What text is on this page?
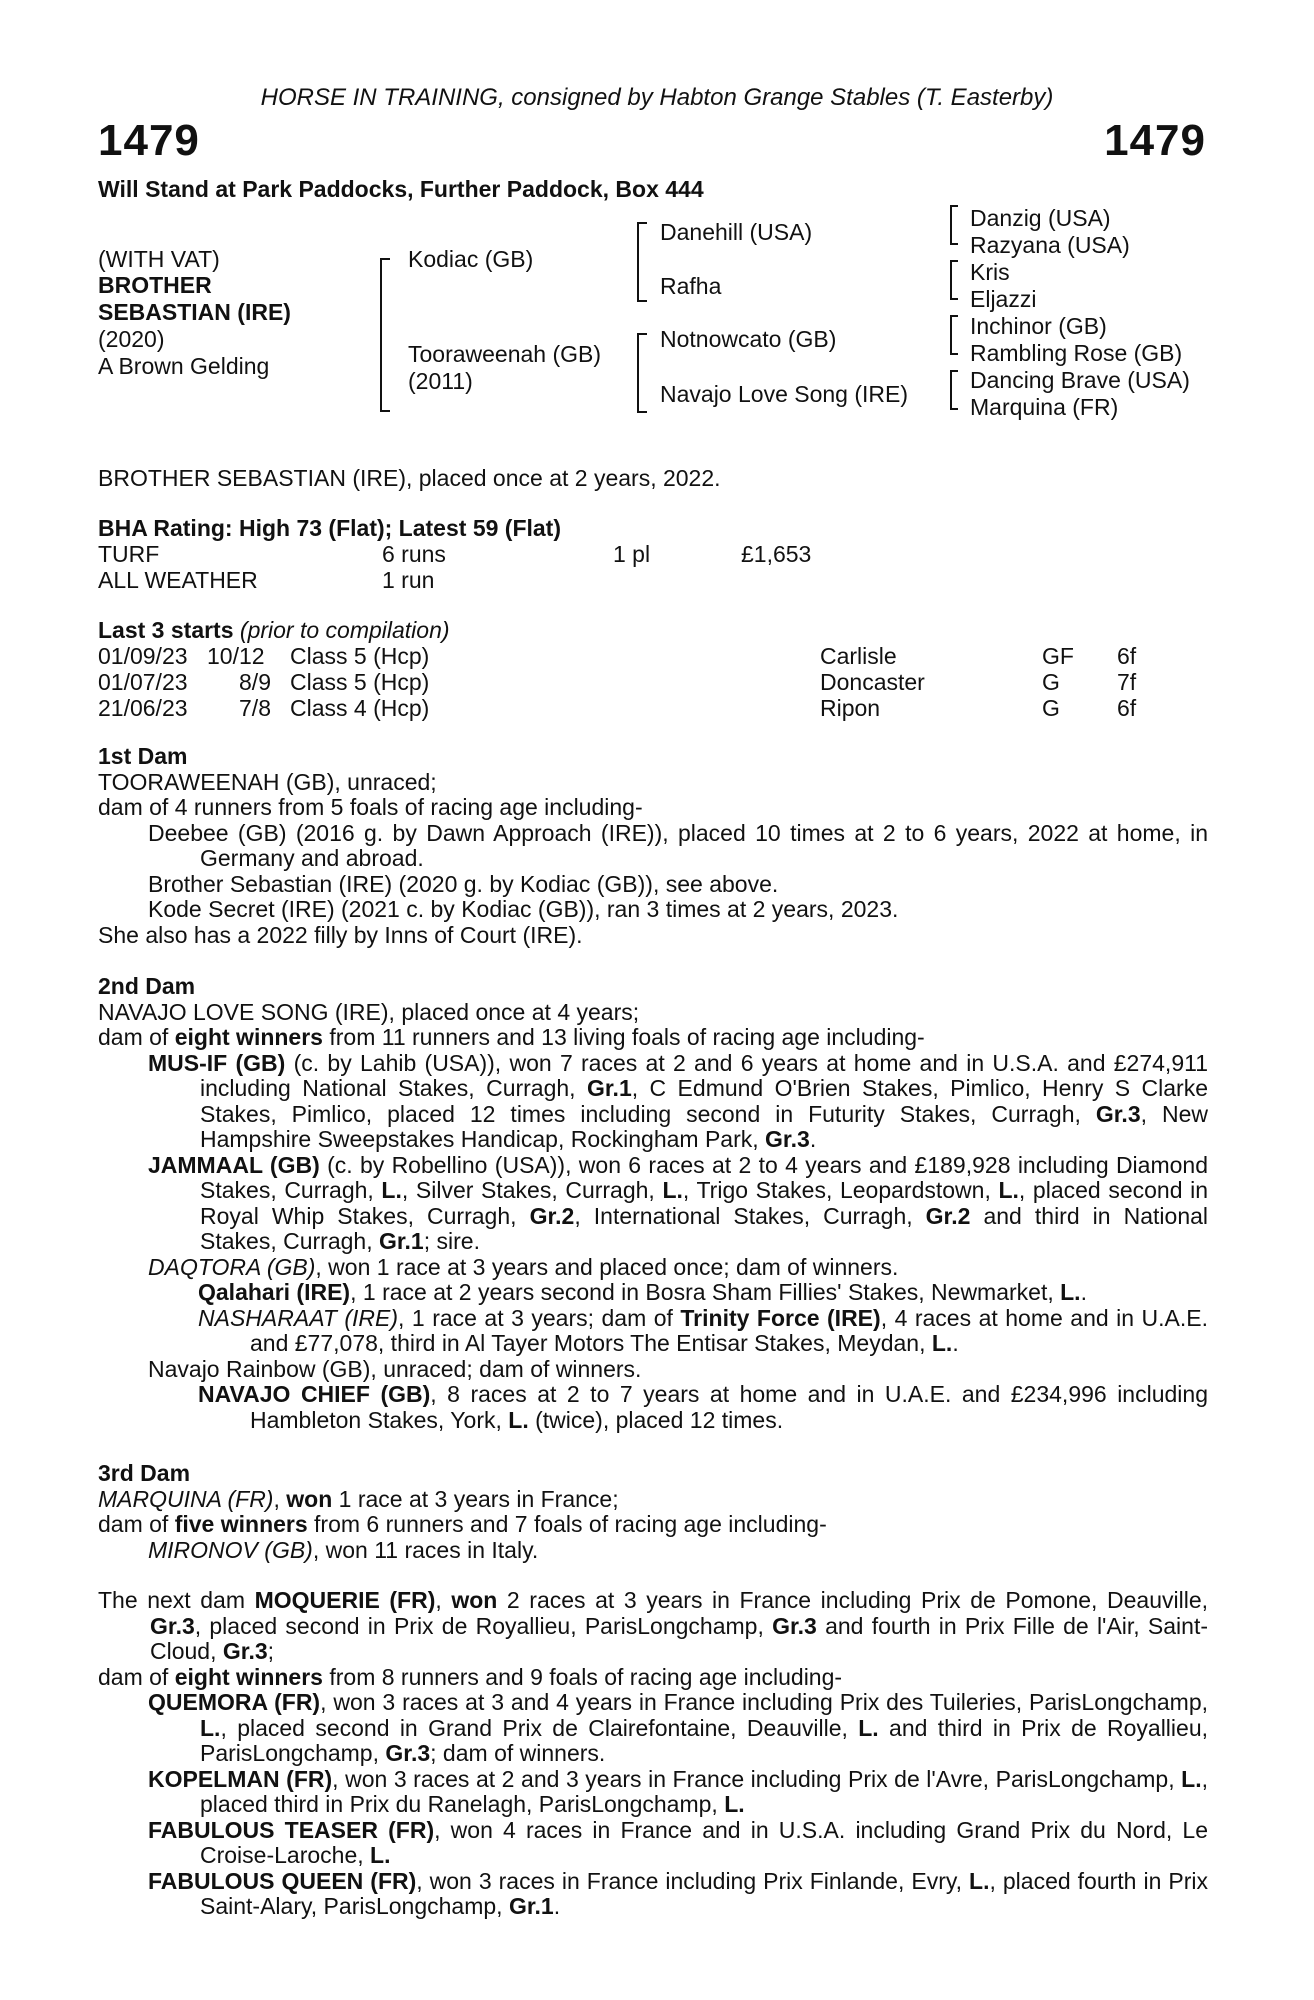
HORSE IN TRAINING, consigned by Habton Grange Stables (T. Easterby)
1479	1479
Will Stand at Park Paddocks, Further Paddock, Box 444
(WITH VAT)
BROTHER
SEBASTIAN (IRE)
(2020)
A Brown Gelding
Kodiac (GB)
Tooraweenah (GB)
(2011)
Danehill (USA)
Rafha
Notnowcato (GB)
Navajo Love Song (IRE)
Danzig (USA)
Razyana (USA)
Kris
Eljazzi
Inchinor (GB)
Rambling Rose (GB)
Dancing Brave (USA)
Marquina (FR)
BROTHER SEBASTIAN (IRE), placed once at 2 years, 2022.
BHA Rating: High 73 (Flat); Latest 59 (Flat)
TURF	6 runs	1 pl	£1,653
ALL WEATHER	1 run
Last 3 starts (prior to compilation)
01/09/23 10/12 Class 5 (Hcp)	Carlisle	GF 6f
01/07/23	8/9 Class 5 (Hcp)	Doncaster	G 7f
21/06/23	7/8 Class 4 (Hcp)	Ripon	G 6f

1st Dam

TOORAWEENAH (GB), unraced;

dam of 4 runners from 5 foals of racing age including-

Deebee (GB) (2016 g. by Dawn Approach (IRE)), placed 10 times at 2 to 6 years, 2022 at home, in Germany and abroad.

Brother Sebastian (IRE) (2020 g. by Kodiac (GB)), see above.

Kode Secret (IRE) (2021 c. by Kodiac (GB)), ran 3 times at 2 years, 2023.

She also has a 2022 filly by Inns of Court (IRE).

2nd Dam

NAVAJO LOVE SONG (IRE), placed once at 4 years;

dam of eight winners from 11 runners and 13 living foals of racing age including-

MUS-IF (GB) (c. by Lahib (USA)), won 7 races at 2 and 6 years at home and in U.S.A. and £274,911 including National Stakes, Curragh, Gr.1, C Edmund O'Brien Stakes, Pimlico, Henry S Clarke Stakes, Pimlico, placed 12 times including second in Futurity Stakes, Curragh, Gr.3, New Hampshire Sweepstakes Handicap, Rockingham Park, Gr.3.

JAMMAAL (GB) (c. by Robellino (USA)), won 6 races at 2 to 4 years and £189,928 including Diamond Stakes, Curragh, L., Silver Stakes, Curragh, L., Trigo Stakes, Leopardstown, L., placed second in Royal Whip Stakes, Curragh, Gr.2, International Stakes, Curragh, Gr.2 and third in National Stakes, Curragh, Gr.1; sire.

DAQTORA (GB), won 1 race at 3 years and placed once; dam of winners.

Qalahari (IRE), 1 race at 2 years second in Bosra Sham Fillies' Stakes, Newmarket, L..

NASHARAAT (IRE), 1 race at 3 years; dam of Trinity Force (IRE), 4 races at home and in U.A.E. and £77,078, third in Al Tayer Motors The Entisar Stakes, Meydan, L..

Navajo Rainbow (GB), unraced; dam of winners.

NAVAJO CHIEF (GB), 8 races at 2 to 7 years at home and in U.A.E. and £234,996 including Hambleton Stakes, York, L. (twice), placed 12 times.

3rd Dam

MARQUINA (FR), won 1 race at 3 years in France;

dam of five winners from 6 runners and 7 foals of racing age including-

MIRONOV (GB), won 11 races in Italy.

The next dam MOQUERIE (FR), won 2 races at 3 years in France including Prix de Pomone, Deauville, Gr.3, placed second in Prix de Royallieu, ParisLongchamp, Gr.3 and fourth in Prix Fille de l'Air, Saint-Cloud, Gr.3;

dam of eight winners from 8 runners and 9 foals of racing age including-

QUEMORA (FR), won 3 races at 3 and 4 years in France including Prix des Tuileries, ParisLongchamp, L., placed second in Grand Prix de Clairefontaine, Deauville, L. and third in Prix de Royallieu, ParisLongchamp, Gr.3; dam of winners.

KOPELMAN (FR), won 3 races at 2 and 3 years in France including Prix de l'Avre, ParisLongchamp, L., placed third in Prix du Ranelagh, ParisLongchamp, L.

FABULOUS TEASER (FR), won 4 races in France and in U.S.A. including Grand Prix du Nord, Le Croise-Laroche, L.

FABULOUS QUEEN (FR), won 3 races in France including Prix Finlande, Evry, L., placed fourth in Prix Saint-Alary, ParisLongchamp, Gr.1.
